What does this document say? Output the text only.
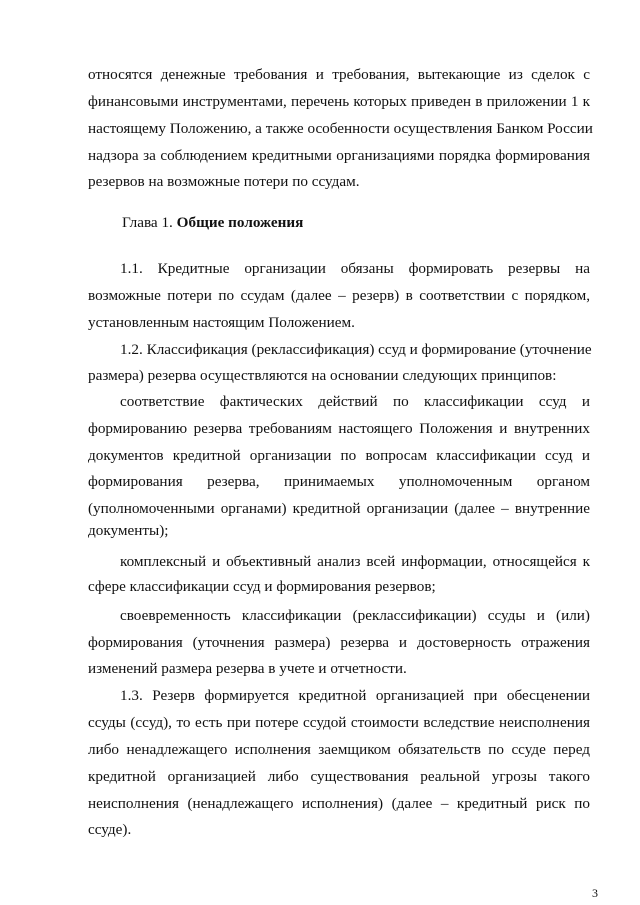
относятся денежные требования и требования, вытекающие из сделок с
финансовыми инструментами, перечень которых приведен в приложении 1 к
настоящему Положению, а также особенности осуществления Банком России
надзора за соблюдением кредитными организациями порядка формирования
резервов на возможные потери по ссудам.
Глава 1. Общие положения
1.1. Кредитные организации обязаны формировать резервы на
возможные потери по ссудам (далее – резерв) в соответствии с порядком,
установленным настоящим Положением.
1.2. Классификация (реклассификация) ссуд и формирование (уточнение
размера) резерва осуществляются на основании следующих принципов:
соответствие фактических действий по классификации ссуд и
формированию резерва требованиям настоящего Положения и внутренних
документов кредитной организации по вопросам классификации ссуд и
формирования резерва, принимаемых уполномоченным органом
(уполномоченными органами) кредитной организации (далее – внутренние
документы);
комплексный и объективный анализ всей информации, относящейся к
сфере классификации ссуд и формирования резервов;
своевременность классификации (реклассификации) ссуды и (или)
формирования (уточнения размера) резерва и достоверность отражения
изменений размера резерва в учете и отчетности.
1.3. Резерв формируется кредитной организацией при обесценении
ссуды (ссуд), то есть при потере ссудой стоимости вследствие неисполнения
либо ненадлежащего исполнения заемщиком обязательств по ссуде перед
кредитной организацией либо существования реальной угрозы такого
неисполнения (ненадлежащего исполнения) (далее – кредитный риск по
ссуде).
3
